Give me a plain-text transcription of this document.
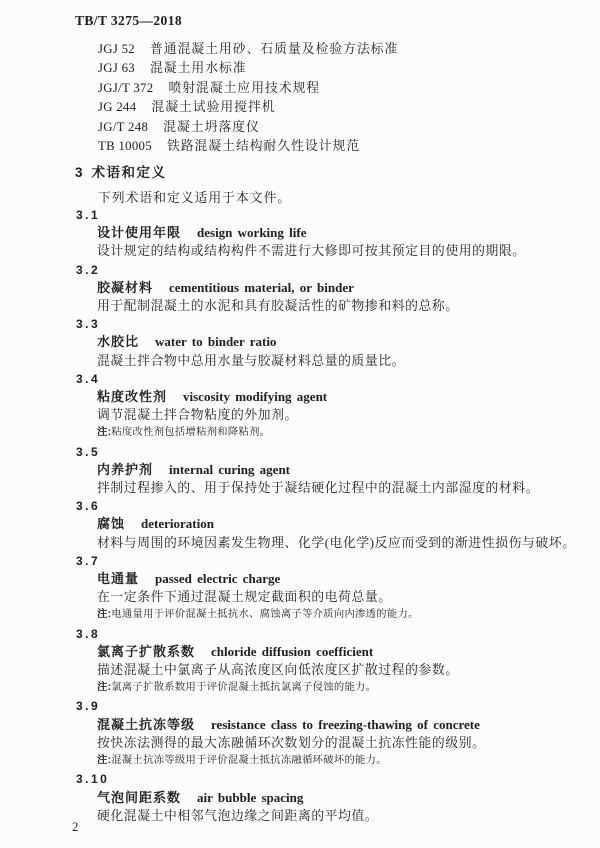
TB/T 3275—2018
JGJ 52 普通混凝土用砂、石质量及检验方法标准
JGJ 63 混凝土用水标准
JGJ/T 372 喷射混凝土应用技术规程
JG 244 混凝土试验用搅拌机
JG/T 248 混凝土坍落度仪
TB 10005 铁路混凝土结构耐久性设计规范
3 术语和定义
下列术语和定义适用于本文件。
3.1
设计使用年限 design working life
设计规定的结构或结构构件不需进行大修即可按其预定目的使用的期限。
3.2
胶凝材料 cementitious material, or binder
用于配制混凝土的水泥和具有胶凝活性的矿物掺和料的总称。
3.3
水胶比 water to binder ratio
混凝土拌合物中总用水量与胶凝材料总量的质量比。
3.4
粘度改性剂 viscosity modifying agent
调节混凝土拌合物粘度的外加剂。
注:粘度改性剂包括增粘剂和降粘剂。
3.5
内养护剂 internal curing agent
拌制过程掺入的、用于保持处于凝结硬化过程中的混凝土内部湿度的材料。
3.6
腐蚀 deterioration
材料与周围的环境因素发生物理、化学(电化学)反应而受到的渐进性损伤与破坏。
3.7
电通量 passed electric charge
在一定条件下通过混凝土规定截面积的电荷总量。
注:电通量用于评价混凝土抵抗水、腐蚀离子等介质向内渗透的能力。
3.8
氯离子扩散系数 chloride diffusion coefficient
描述混凝土中氯离子从高浓度区向低浓度区扩散过程的参数。
注:氯离子扩散系数用于评价混凝土抵抗氯离子侵蚀的能力。
3.9
混凝土抗冻等级 resistance class to freezing-thawing of concrete
按快冻法测得的最大冻融循环次数划分的混凝土抗冻性能的级别。
注:混凝土抗冻等级用于评价混凝土抵抗冻融循环破坏的能力。
3.10
气泡间距系数 air bubble spacing
硬化混凝土中相邻气泡边缘之间距离的平均值。
2
